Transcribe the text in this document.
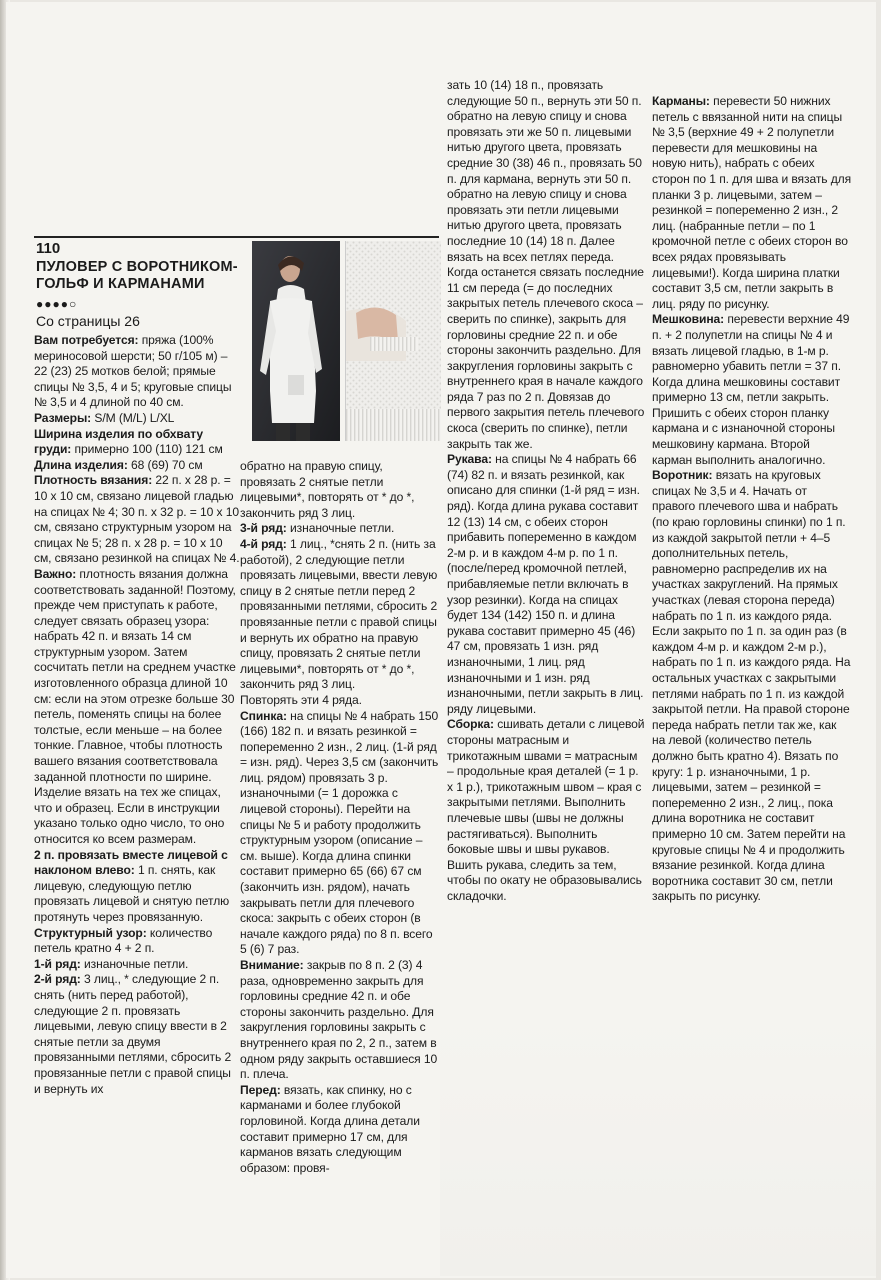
110
ПУЛОВЕР С ВОРОТНИКОМ-ГОЛЬФ И КАРМАНАМИ
●●●●○
Со страницы 26

Вам потребуется: пряжа (100% мериносовой шерсти; 50 г/105 м) – 22 (23) 25 мотков белой; прямые спицы № 3,5, 4 и 5; круговые спицы № 3,5 и 4 длиной по 40 см.

Размеры: S/M (M/L) L/XL

Ширина изделия по обхвату груди: примерно 100 (110) 121 см

Длина изделия: 68 (69) 70 см

Плотность вязания: 22 п. х 28 р. = 10 х 10 см, связано лицевой гладью на спицах № 4; 30 п. х 32 р. = 10 х 10 см, связано структурным узором на спицах № 5; 28 п. х 28 р. = 10 х 10 см, связано резинкой на спицах № 4.

Важно: плотность вязания должна соответствовать заданной! Поэтому, прежде чем приступать к работе, следует связать образец узора: набрать 42 п. и вязать 14 см структурным узором. Затем сосчитать петли на среднем участке изготовленного образца длиной 10 см: если на этом отрезке больше 30 петель, поменять спицы на более толстые, если меньше – на более тонкие. Главное, чтобы плотность вашего вязания соответствовала заданной плотности по ширине. Изделие вязать на тех же спицах, что и образец. Если в инструкции указано только одно число, то оно относится ко всем размерам.

2 п. провязать вместе лицевой с наклоном влево: 1 п. снять, как лицевую, следующую петлю провязать лицевой и снятую петлю протянуть через провязанную.

Структурный узор: количество петель кратно 4 + 2 п.

1-й ряд: изнаночные петли.

2-й ряд: 3 лиц., * следующие 2 п. снять (нить перед работой), следующие 2 п. провязать лицевыми, левую спицу ввести в 2 снятые петли за двумя провязанными петлями, сбросить 2 провязанные петли с правой спицы и вернуть их

обратно на правую спицу, провязать 2 снятые петли лицевыми*, повторять от * до *, закончить ряд 3 лиц.

3-й ряд: изнаночные петли.

4-й ряд: 1 лиц., *снять 2 п. (нить за работой), 2 следующие петли провязать лицевыми, ввести левую спицу в 2 снятые петли перед 2 провязанными петлями, сбросить 2 провязанные петли с правой спицы и вернуть их обратно на правую спицу, провязать 2 снятые петли лицевыми*, повторять от * до *, закончить ряд 3 лиц.

Повторять эти 4 ряда.

Спинка: на спицы № 4 набрать 150 (166) 182 п. и вязать резинкой = попеременно 2 изн., 2 лиц. (1-й ряд = изн. ряд). Через 3,5 см (закончить лиц. рядом) провязать 3 р. изнаночными (= 1 дорожка с лицевой стороны). Перейти на спицы № 5 и работу продолжить структурным узором (описание – см. выше). Когда длина спинки составит примерно 65 (66) 67 см (закончить изн. рядом), начать закрывать петли для плечевого скоса: закрыть с обеих сторон (в начале каждого ряда) по 8 п. всего 5 (6) 7 раз.

Внимание: закрыв по 8 п. 2 (3) 4 раза, одновременно закрыть для горловины средние 42 п. и обе стороны закончить раздельно. Для закругления горловины закрыть с внутреннего края по 2, 2 п., затем в одном ряду закрыть оставшиеся 10 п. плеча.

Перед: вязать, как спинку, но с карманами и более глубокой горловиной. Когда длина детали составит примерно 17 см, для карманов вязать следующим образом: провя-

зать 10 (14) 18 п., провязать следующие 50 п., вернуть эти 50 п. обратно на левую спицу и снова провязать эти же 50 п. лицевыми нитью другого цвета, провязать средние 30 (38) 46 п., провязать 50 п. для кармана, вернуть эти 50 п. обратно на левую спицу и снова провязать эти петли лицевыми нитью другого цвета, провязать последние 10 (14) 18 п. Далее вязать на всех петлях переда.

Когда останется связать последние 11 см переда (= до последних закрытых петель плечевого скоса – сверить по спинке), закрыть для горловины средние 22 п. и обе стороны закончить раздельно. Для закругления горловины закрыть с внутреннего края в начале каждого ряда 7 раз по 2 п. Довязав до первого закрытия петель плечевого скоса (сверить по спинке), петли закрыть так же.

Рукава: на спицы № 4 набрать 66 (74) 82 п. и вязать резинкой, как описано для спинки (1-й ряд = изн. ряд). Когда длина рукава составит 12 (13) 14 см, с обеих сторон прибавить попеременно в каждом 2-м р. и в каждом 4-м р. по 1 п. (после/перед кромочной петлей, прибавляемые петли включать в узор резинки). Когда на спицах будет 134 (142) 150 п. и длина рукава составит примерно 45 (46) 47 см, провязать 1 изн. ряд изнаночными, 1 лиц. ряд изнаночными и 1 изн. ряд изнаночными, петли закрыть в лиц. ряду лицевыми.

Сборка: сшивать детали с лицевой стороны матрасным и трикотажным швами = матрасным – продольные края деталей (= 1 р. х 1 р.), трикотажным швом – края с закрытыми петлями. Выполнить плечевые швы (швы не должны растягиваться). Выполнить боковые швы и швы рукавов. Вшить рукава, следить за тем, чтобы по окату не образовывались складочки.

Карманы: перевести 50 нижних петель с ввязанной нити на спицы № 3,5 (верхние 49 + 2 полупетли перевести для мешковины на новую нить), набрать с обеих сторон по 1 п. для шва и вязать для планки 3 р. лицевыми, затем – резинкой = попеременно 2 изн., 2 лиц. (набранные петли – по 1 кромочной петле с обеих сторон во всех рядах провязывать лицевыми!). Когда ширина платки составит 3,5 см, петли закрыть в лиц. ряду по рисунку.

Мешковина: перевести верхние 49 п. + 2 полупетли на спицы № 4 и вязать лицевой гладью, в 1-м р. равномерно убавить петли = 37 п. Когда длина мешковины составит примерно 13 см, петли закрыть. Пришить с обеих сторон планку кармана и с изнаночной стороны мешковину кармана. Второй карман выполнить аналогично.

Воротник: вязать на круговых спицах № 3,5 и 4. Начать от правого плечевого шва и набрать (по краю горловины спинки) по 1 п. из каждой закрытой петли + 4–5 дополнительных петель, равномерно распределив их на участках закруглений. На прямых участках (левая сторона переда) набрать по 1 п. из каждого ряда. Если закрыто по 1 п. за один раз (в каждом 4-м р. и каждом 2-м р.), набрать по 1 п. из каждого ряда. На остальных участках с закрытыми петлями набрать по 1 п. из каждой закрытой петли. На правой стороне переда набрать петли так же, как на левой (количество петель должно быть кратно 4). Вязать по кругу: 1 р. изнаночными, 1 р. лицевыми, затем – резинкой = попеременно 2 изн., 2 лиц., пока длина воротника не составит примерно 10 см. Затем перейти на круговые спицы № 4 и продолжить вязание резинкой. Когда длина воротника составит 30 см, петли закрыть по рисунку.
